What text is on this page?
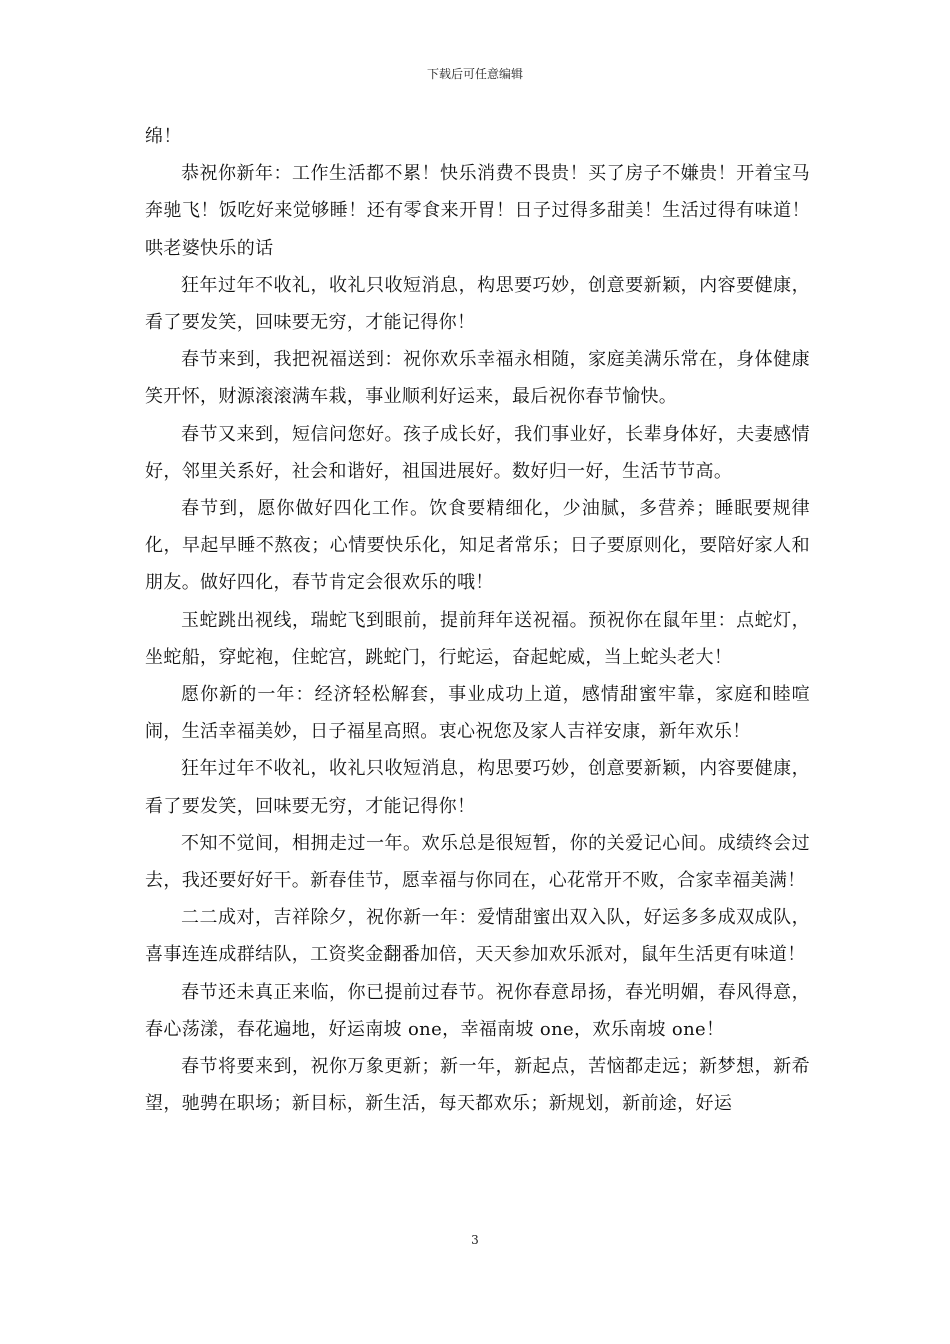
下载后可任意编辑

绵！

恭祝你新年：工作生活都不累！快乐消费不畏贵！买了房子不嫌贵！开着宝马奔驰飞！饭吃好来觉够睡！还有零食来开胃！日子过得多甜美！生活过得有味道！哄老婆快乐的话

狂年过年不收礼，收礼只收短消息，构思要巧妙，创意要新颖，内容要健康，看了要发笑，回味要无穷，才能记得你！

春节来到，我把祝福送到：祝你欢乐幸福永相随，家庭美满乐常在，身体健康笑开怀，财源滚滚满车栽，事业顺利好运来，最后祝你春节愉快。

春节又来到，短信问您好。孩子成长好，我们事业好，长辈身体好，夫妻感情好，邻里关系好，社会和谐好，祖国进展好。数好归一好，生活节节高。

春节到，愿你做好四化工作。饮食要精细化，少油腻，多营养；睡眠要规律化，早起早睡不熬夜；心情要快乐化，知足者常乐；日子要原则化，要陪好家人和朋友。做好四化，春节肯定会很欢乐的哦！

玉蛇跳出视线，瑞蛇飞到眼前，提前拜年送祝福。预祝你在鼠年里：点蛇灯，坐蛇船，穿蛇袍，住蛇宫，跳蛇门，行蛇运，奋起蛇威，当上蛇头老大！

愿你新的一年：经济轻松解套，事业成功上道，感情甜蜜牢靠，家庭和睦喧闹，生活幸福美妙，日子福星高照。衷心祝您及家人吉祥安康，新年欢乐！

狂年过年不收礼，收礼只收短消息，构思要巧妙，创意要新颖，内容要健康，看了要发笑，回味要无穷，才能记得你！

不知不觉间，相拥走过一年。欢乐总是很短暂，你的关爱记心间。成绩终会过去，我还要好好干。新春佳节，愿幸福与你同在，心花常开不败，合家幸福美满！

二二成对，吉祥除夕，祝你新一年：爱情甜蜜出双入队，好运多多成双成队，喜事连连成群结队，工资奖金翻番加倍，天天参加欢乐派对，鼠年生活更有味道！

春节还未真正来临，你已提前过春节。祝你春意昂扬，春光明媚，春风得意，春心荡漾，春花遍地，好运南坡 one，幸福南坡 one，欢乐南坡 one！

春节将要来到，祝你万象更新；新一年，新起点，苦恼都走远；新梦想，新希望，驰骋在职场；新目标，新生活，每天都欢乐；新规划，新前途，好运

3
